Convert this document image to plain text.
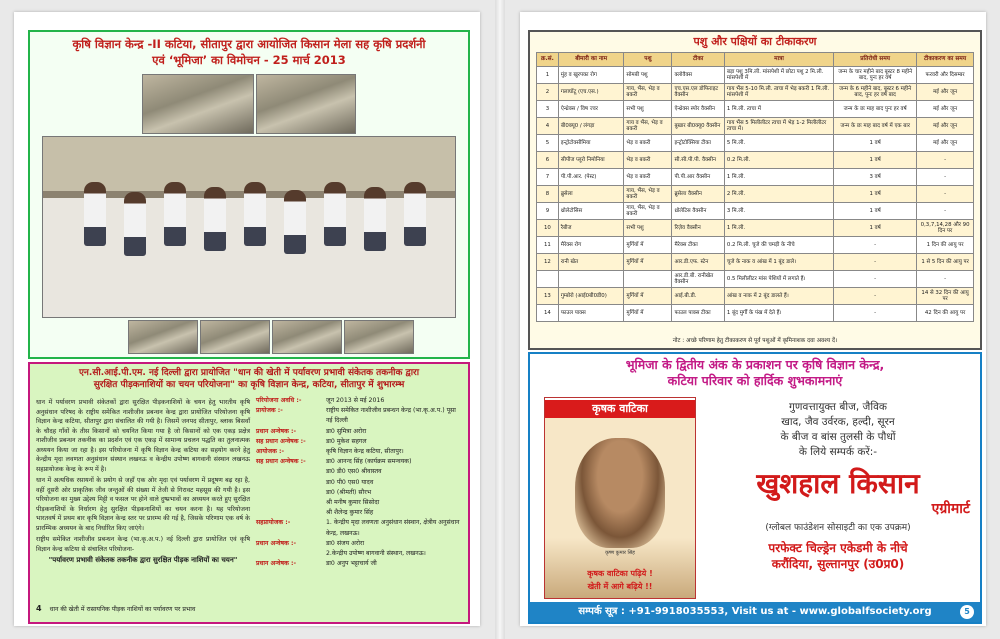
कृषि विज्ञान केन्द्र -II कटिया, सीतापुर द्वारा आयोजित किसान मेला सह कृषि प्रदर्शनी
एवं ‘भूमिजा’ का विमोचन - 25 मार्च 2013
एन.सी.आई.पी.एम. नई दिल्ली द्वारा प्रायोजित "धान की खेती में पर्यावरण प्रभावी संकेतक तकनीक द्वारा
सुरक्षित पीड़कनाशियों का चयन परियोजना" का कृषि विज्ञान केन्द्र, कटिया, सीतापुर में शुभारम्भ

धान में पर्यावरण प्रभावी संकेतकों द्वारा सुरक्षित पीड़कनाशियों के चयन हेतु भारतीय कृषि अनुसंधान परिषद के राष्ट्रीय समेकित नाशीजीव प्रबन्धन केन्द्र द्वारा प्रायोजित परियोजना कृषि विज्ञान केन्द्र कटिया, सीतापुर द्वारा संचालित की गयी है। जिसमें जनपद सीतापुर, ब्लाक बिसवाँ के चौदह गाँवों के तीस किसानों को चयनित किया गया है जो किसानों को एक एकड़ प्रक्षेत्र नाशीजीव प्रबन्धन तकनीक का प्रदर्शन एवं एक एकड़ में सामान्य प्रचलन पद्धति का तुलनात्मक अध्ययन किया जा रहा है। इस परियोजना में कृषि विज्ञान केन्द्र कटिया का सहयोग करने हेतु केन्द्रीय मृदा लवणता अनुसंधान संस्थान लखनऊ व केन्द्रीय उपोष्ण बागवानी संस्थान लखनऊ सहप्रायोजक केन्द्र के रूप में है।

धान में अत्यधिक रसायनों के प्रयोग से जहाँ एक ओर मृदा एवं पर्यावरण में प्रदूषण बढ़ रहा है, वहीं दूसरी ओर प्राकृतिक जीव जन्तुओं की संख्या में तेजी से गिरावट महसूस की गयी है। इस परियोजना का मुख्य उद्देश्य मिट्टी व फसल पर होने वाले दुष्प्रभावों का अध्ययन करते हुए सुरक्षित पीड़कनाशियों के निर्धारण हेतु सुरक्षित पीड़कनाशियों का चयन करना है। यह परियोजना भारतवर्ष में प्रथम बार कृषि विज्ञान केन्द्र स्तर पर प्रारम्भ की गई है, जिसके परिणाम एक वर्ष के प्रारम्भिक अध्ययन के बाद निर्धारित किए जाएंगे।

राष्ट्रीय समेकित नाशीजीव प्रबन्धन केन्द्र (भा.कृ.अ.प.) नई दिल्ली द्वारा प्रायोजित एवं कृषि विज्ञान केन्द्र कटिया से संचालित परियोजना-

"पर्यावरण प्रभावी संकेतक तकनीक द्वारा सुरक्षित पीड़क नाशियों का चयन"
4 धान की खेती में रासायनिक पीड़क नाशियों का पर्यावरण पर प्रभाव
परियोजना अवधि :-	जून 2013 से मई 2016
प्रायोजक :-	राष्ट्रीय समेकित नाशीजीव प्रबन्धन केन्द्र (भा.कृ.अ.प.) पूसा नई दिल्ली
प्रधान अन्वेषक :-	डा0 सुमित्रा अरोरा
सह प्रधान अन्वेषक :-	डा0 मुकेश सहगल
आयोजक :-	कृषि विज्ञान केन्द्र कटिया, सीतापुर।
सह प्रधान अन्वेषक :-	डा0 आनन्द सिंह (कार्यक्रम समन्वयक)
डा0 डी0 एस0 श्रीवास्तव
डा0 पी0 एस0 यादव
डा0 (श्रीमती) सौरभ
श्री मनीष कुमार सिसोदा
श्री शैलेन्द्र कुमार सिंह
सहप्रायोजक :-	1. केन्द्रीय मृदा लवणता अनुसंधान संस्थान, क्षेत्रीय अनुसंधान केन्द्र, लखनऊ।
प्रधान अन्वेषक :-	डा0 संजय अरोरा
2.केन्द्रीय उपोष्ण बागवानी संस्थान, लखनऊ।
प्रधान अन्वेषक :-	डा0 अनुप भट्टाचार्य जी
पशु और पक्षियों का टीकाकरण
क्र.सं.	बीमारी का नाम	पशु	टीका	मात्रा	प्रतिरोधी समय	टीकाकरण का समय
1	मुंह व खुरपका रोग	सोमबी पशु	क्लोवैक्स	बड़ा पशु 3मि.ली. मांसपेशी में छोटा पशु 2 मि.ली. मांसपेशी में	जन्म के चार महीने बाद बूस्टर 8 महीने बाद, पुनः हर वर्ष	फरवरी और दिसम्बर
2	गलाघोंटू (एच.एस.)	गाय, भैंस, भेड़ व बकरी	एच.एस.एल डोफिराइट वैक्सीन	गाय भैंस 5-10 मि.ली. त्वचा में भेड़ बकरी 1 मि.ली. मांसपेशी में	जन्म के 6 महीने बाद, बूस्टर 6 महीने बाद, पुनः हर वर्ष बाद	मई और जून
3	ऐन्थ्रेक्स / विष ज्वर	सभी पशु	ऐन्थ्रेक्स स्पोर वैक्सीन	1 मि.ली. त्वचा में	जन्म के छः माह बाद पुनः हर वर्ष	मई और जून
4	बी0क्यू0 / लंगड़ा	गाय व भैंस, भेड़ व बकरी	बुखार बी0क्यू0 वैक्सीन	गाय भैंस 5 मिलीलीटर त्वचा में भेड़ 1-2 मिलीलीटर त्वचा में।	जन्म के छः माह बाद वर्ष में एक बार	मई और जून
5	इन्ट्रोटोक्सीमिया	भेड़ व बकरी	इन्ट्रोटोक्सिया टीका	5 मि.ली.	1 वर्ष	मई और जून
6	सीपीज प्लूरो निमोनिया	भेड़ व बकरी	सी.सी.पी.पी. वैक्सीन	0.2 मि.ली.	1 वर्ष	-
7	पी.पी.आर. (पेस्ट)	भेड़ व बकरी	पी.पी.आर वैक्सीन	1 मि.ली.	3 वर्ष	-
8	ब्रुसेला	गाय, भैंस, भेड़ व बकरी	ब्रुसेला वैक्सीन	2 मि.ली.	1 वर्ष	-
9	थ्रोलेटोसिस	गाय, भैंस, भेड़ व बकरी	थ्रोलेटिस वैक्सीन	3 मि.ली.	1 वर्ष	-
10	रैबीज	सभी पशु	रिज़ेव वैक्सीन	1 मि.ली.	1 वर्ष	0,3,7,14,28 और 90 दिन पर
11	मैरेक्स रोग	मुर्गियों में	मैरेक्स टीका	0.2 मि.ली. चूजे की चमड़ी के नीचे	-	1 दिन की आयु पर
12	रानी खेत	मुर्गियों में	आर.डी.एफ. स्टेन	चूजे के नाक व आंख में 1 बूंद डाले।	-	1 से 5 दिन की आयु पर
			आर.डी.बी. रानीखेत वैक्सीन	0.5 मिलीलीटर मांस पेशियों में लगाते हैं।	-	-
13	गुम्बोरो (आई0बी0डी0)	मुर्गियों में	आई.बी.डी.	आंख व नाक में 2 बूंद डालते हैं।	-	14 से 32 दिन की आयु पर
14	फाउल पाक्स	मुर्गियों में	फाउल पाक्स टीका	1 बूंद मुर्गी के पंख में देते हैं।	-	42 दिन की आयु पर
नोट : अच्छे परिणाम हेतु टीकाकरण से पूर्व पशुओं में कृमिनाशक दवा अवश्य दें।
भूमिजा के द्वितीय अंक के प्रकाशन पर कृषि विज्ञान केन्द्र,
कटिया परिवार को हार्दिक शुभकामनाएं
कृषक वाटिका
कृष्ण कुमार सिंह
कृषक वाटिका पढ़िये !
खेती में आगे बढ़िये !!
गुणवत्तायुक्त बीज, जैविक
खाद, जैव उर्वरक, हल्दी, सूरन
के बीज व बांस तुलसी के पौधों
के लिये सम्पर्क करें:-
खुशहाल किसान
एग्रीमार्ट
(ग्लोबल फाउंडेशन सोसाइटी का एक उपक्रम)
परफेक्ट चिल्ड्रेन एकेडमी के नीचे
करौंदिया, सुल्तानपुर (उ0प्र0)
सम्पर्क सूत्र : +91-9918035553, Visit us at - www.globalfsociety.org	5
